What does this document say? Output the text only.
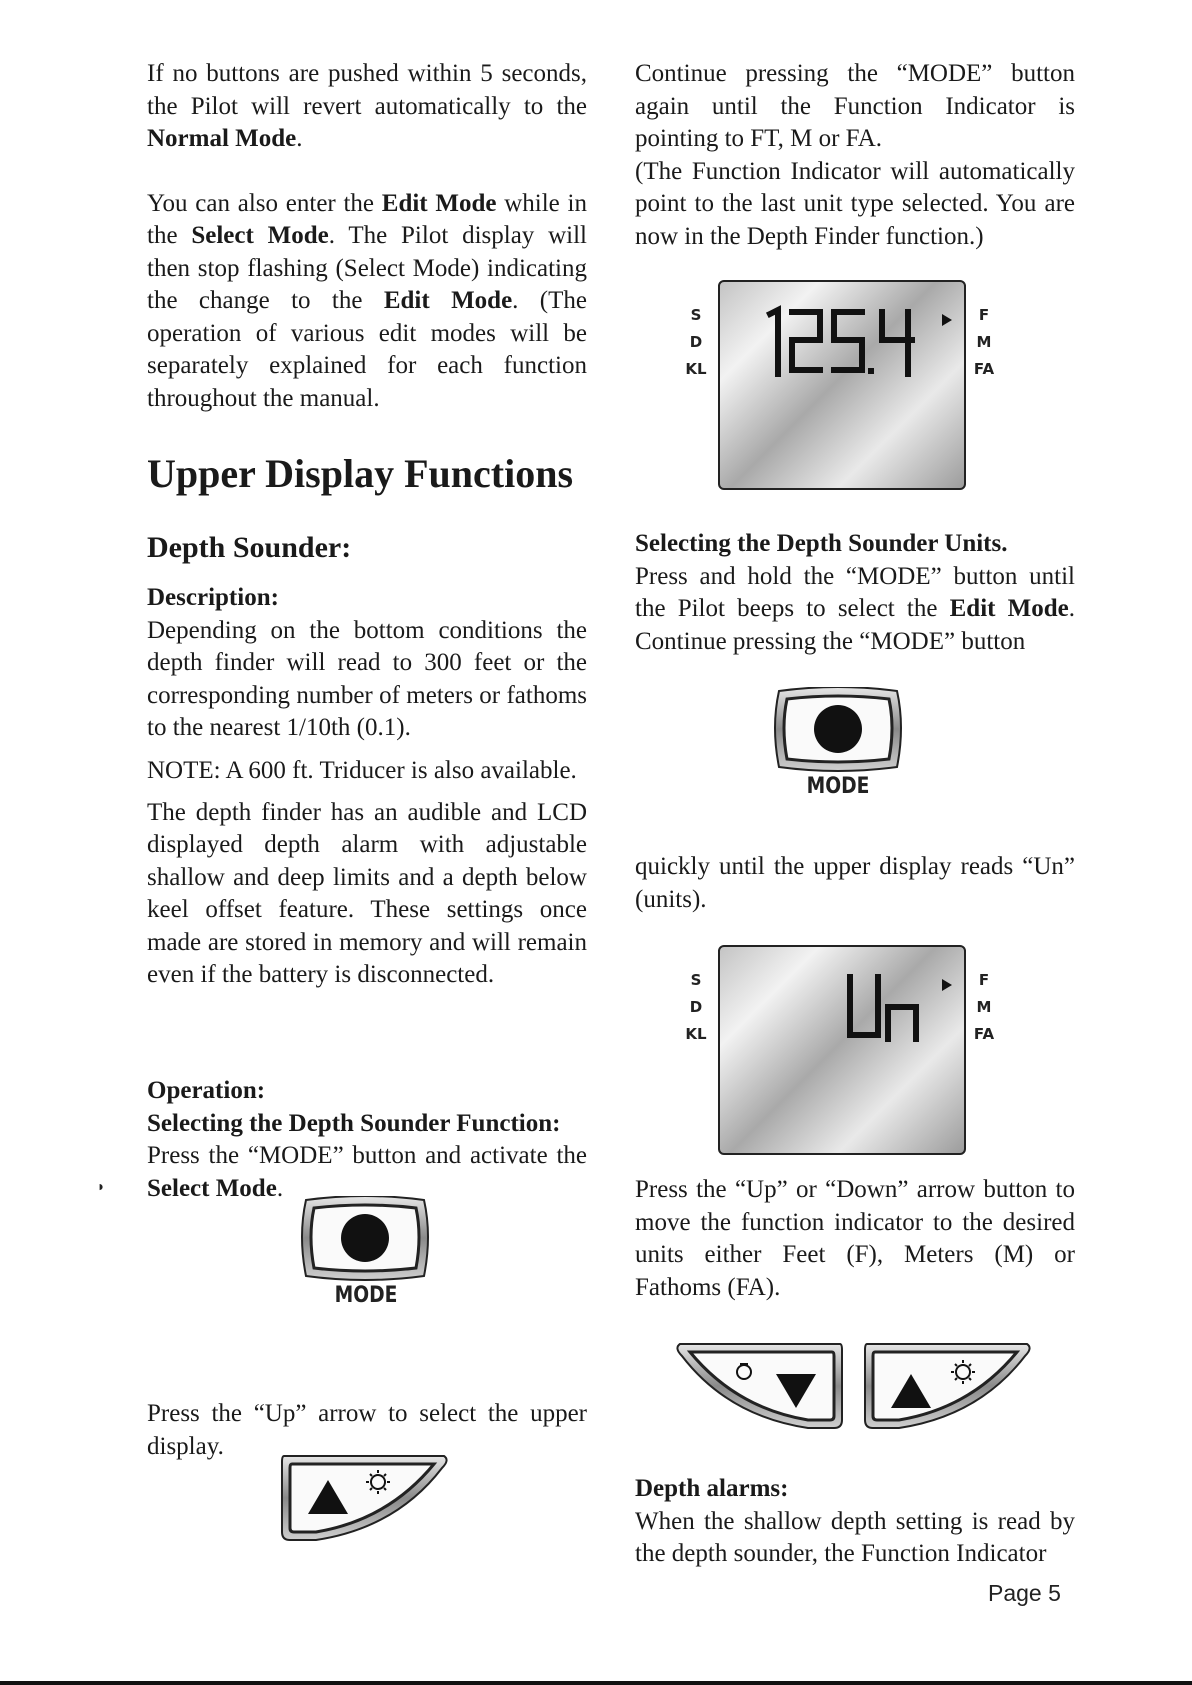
If no buttons are pushed within 5 seconds, the Pilot will revert automatically to the Normal Mode.

You can also enter the Edit Mode while in the Select Mode. The Pilot display will then stop flashing (Select Mode) indicating the change to the Edit Mode. (The operation of various edit modes will be separately explained for each function throughout the manual.

Upper Display Functions
Depth Sounder:

Description:

Depending on the bottom conditions the depth finder will read to 300 feet or the corresponding number of meters or fathoms to the nearest 1/10th (0.1).

NOTE: A 600 ft. Triducer is also available.

The depth finder has an audible and LCD displayed depth alarm with adjustable shallow and deep limits and a depth below keel offset feature. These settings once made are stored in memory and will remain even if the battery is disconnected.

Operation:

Selecting the Depth Sounder Function:

Press the “MODE” button and activate the Select Mode.

◗
MODE
Press the “Up” arrow to select the upper display.

Continue pressing the “MODE” button again until the Function Indicator is pointing to FT, M or FA.

(The Function Indicator will automatically point to the last unit type selected. You are now in the Depth Finder function.)

S
D
KL
F
M
FA

Selecting the Depth Sounder Units.

Press and hold the “MODE” button until the Pilot beeps to select the Edit Mode. Continue pressing the “MODE” button

MODE
quickly until the upper display reads “Un” (units).
S
D
KL
F
M
FA
Press the “Up” or “Down” arrow button to move the function indicator to the desired units either Feet (F), Meters (M) or Fathoms (FA).

Depth alarms:

When the shallow depth setting is read by the depth sounder, the Function Indicator

Page 5
